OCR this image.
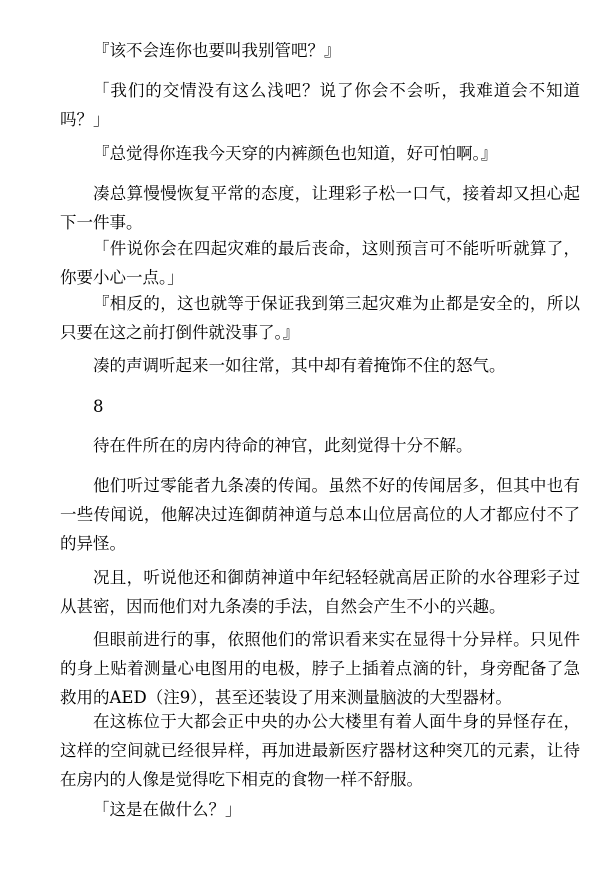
『该不会连你也要叫我别管吧？』

「我们的交情没有这么浅吧？说了你会不会听，我难道会不知道吗？」

『总觉得你连我今天穿的内裤颜色也知道，好可怕啊。』

凑总算慢慢恢复平常的态度，让理彩子松一口气，接着却又担心起下一件事。

「件说你会在四起灾难的最后丧命，这则预言可不能听听就算了，你要小心一点。」

『相反的，这也就等于保证我到第三起灾难为止都是安全的，所以只要在这之前打倒件就没事了。』

凑的声调听起来一如往常，其中却有着掩饰不住的怒气。

8

待在件所在的房内待命的神官，此刻觉得十分不解。

他们听过零能者九条凑的传闻。虽然不好的传闻居多，但其中也有一些传闻说，他解决过连御荫神道与总本山位居高位的人才都应付不了的异怪。

况且，听说他还和御荫神道中年纪轻轻就高居正阶的水谷理彩子过从甚密，因而他们对九条凑的手法，自然会产生不小的兴趣。

但眼前进行的事，依照他们的常识看来实在显得十分异样。只见件的身上贴着测量心电图用的电极，脖子上插着点滴的针，身旁配备了急救用的AED（注9），甚至还装设了用来测量脑波的大型器材。

在这栋位于大都会正中央的办公大楼里有着人面牛身的异怪存在，这样的空间就已经很异样，再加进最新医疗器材这种突兀的元素，让待在房内的人像是觉得吃下相克的食物一样不舒服。

「这是在做什么？」
